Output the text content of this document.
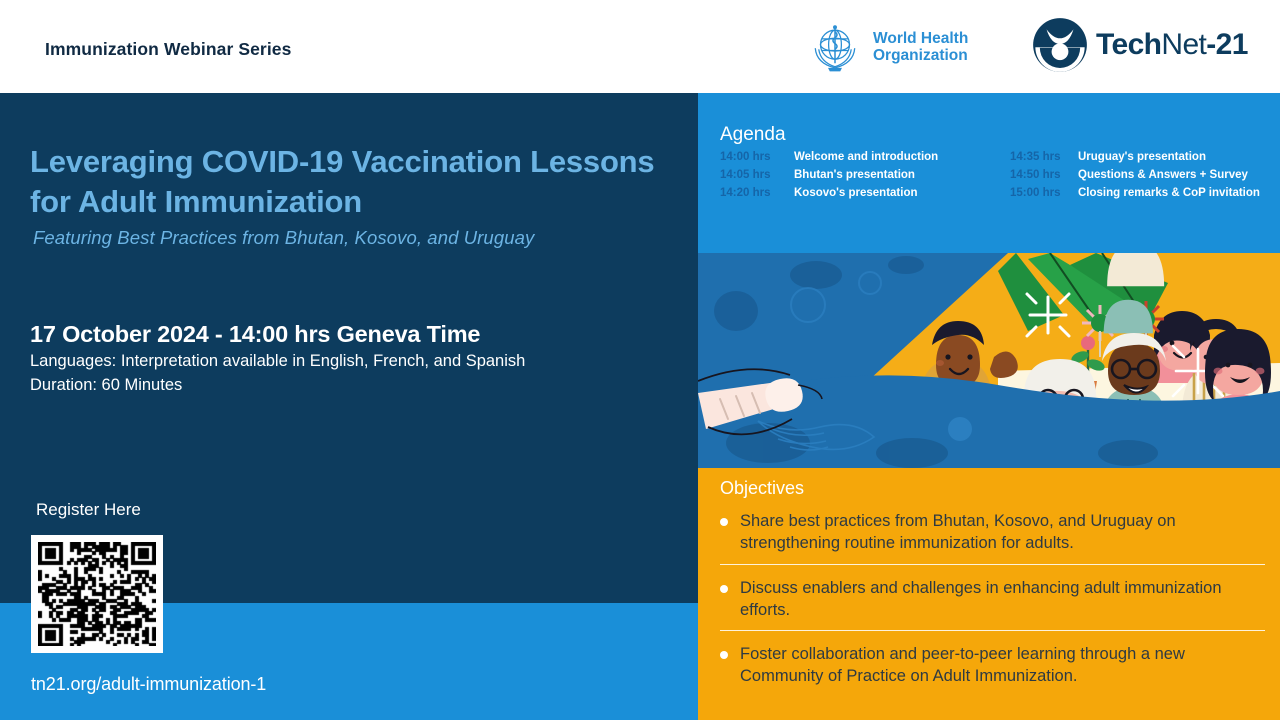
Immunization Webinar Series
World Health
Organization	TechNet-21
Leveraging COVID-19 Vaccination Lessons for Adult Immunization
Featuring Best Practices from Bhutan, Kosovo, and Uruguay
17 October 2024 - 14:00 hrs Geneva Time
Languages: Interpretation available in English, French, and Spanish
Duration: 60 Minutes
Register Here
tn21.org/adult-immunization-1
Agenda
14:00 hrs	Welcome and introduction	14:35 hrs	Uruguay's presentation
14:05 hrs	Bhutan's presentation	14:50 hrs	Questions & Answers + Survey
14:20 hrs	Kosovo's presentation	15:00 hrs	Closing remarks & CoP invitation
Objectives
Share best practices from Bhutan, Kosovo, and Uruguay on strengthening routine immunization for adults.
Discuss enablers and challenges in enhancing adult immunization efforts.
Foster collaboration and peer-to-peer learning through a new Community of Practice on Adult Immunization.
